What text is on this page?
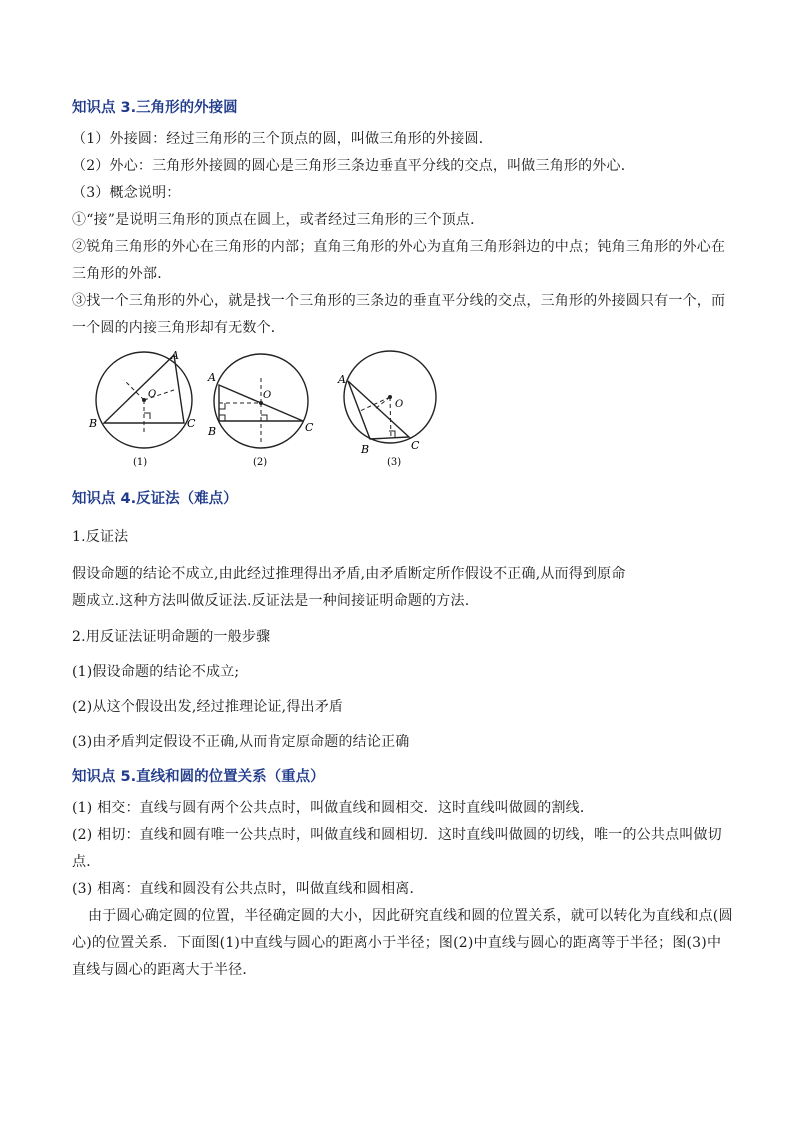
知识点 3.三角形的外接圆
（1）外接圆：经过三角形的三个顶点的圆，叫做三角形的外接圆．
（2）外心：三角形外接圆的圆心是三角形三条边垂直平分线的交点，叫做三角形的外心．
（3）概念说明：
①“接”是说明三角形的顶点在圆上，或者经过三角形的三个顶点．
②锐角三角形的外心在三角形的内部；直角三角形的外心为直角三角形斜边的中点；钝角三角形的外心在
三角形的外部．
③找一个三角形的外心，就是找一个三角形的三条边的垂直平分线的交点，三角形的外接圆只有一个，而
一个圆的内接三角形却有无数个．
A
B	C
O
(1)
A
B	C
O
(2)
A
B	C
O
(3)
知识点 4.反证法（难点）
1.反证法
假设命题的结论不成立,由此经过推理得出矛盾,由矛盾断定所作假设不正确,从而得到原命
题成立.这种方法叫做反证法.反证法是一种间接证明命题的方法.
2.用反证法证明命题的一般步骤
(1)假设命题的结论不成立;
(2)从这个假设出发,经过推理论证,得出矛盾
(3)由矛盾判定假设不正确,从而肯定原命题的结论正确
知识点 5.直线和圆的位置关系（重点）
(1) 相交：直线与圆有两个公共点时，叫做直线和圆相交．这时直线叫做圆的割线．
(2) 相切：直线和圆有唯一公共点时，叫做直线和圆相切．这时直线叫做圆的切线，唯一的公共点叫做切
点．
(3) 相离：直线和圆没有公共点时，叫做直线和圆相离．
由于圆心确定圆的位置，半径确定圆的大小，因此研究直线和圆的位置关系，就可以转化为直线和点(圆
心)的位置关系．下面图(1)中直线与圆心的距离小于半径；图(2)中直线与圆心的距离等于半径；图(3)中
直线与圆心的距离大于半径．
